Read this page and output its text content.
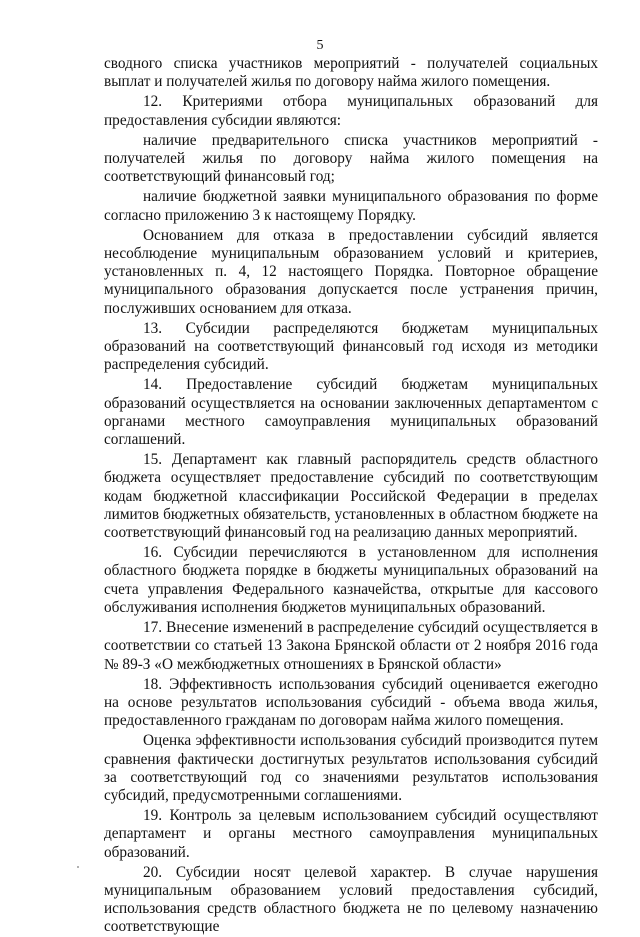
5

сводного списка участников мероприятий - получателей социальных выплат и получателей жилья по договору найма жилого помещения.

12. Критериями отбора муниципальных образований для предоставления субсидии являются:

наличие предварительного списка участников мероприятий - получателей жилья по договору найма жилого помещения на соответствующий финансовый год;

наличие бюджетной заявки муниципального образования по форме согласно приложению 3 к настоящему Порядку.

Основанием для отказа в предоставлении субсидий является несоблюдение муниципальным образованием условий и критериев, установленных п. 4, 12 настоящего Порядка. Повторное обращение муниципального образования допускается после устранения причин, послуживших основанием для отказа.

13. Субсидии распределяются бюджетам муниципальных образований на соответствующий финансовый год исходя из методики распределения субсидий.

14. Предоставление субсидий бюджетам муниципальных образований осуществляется на основании заключенных департаментом с органами местного самоуправления муниципальных образований соглашений.

15. Департамент как главный распорядитель средств областного бюджета осуществляет предоставление субсидий по соответствующим кодам бюджетной классификации Российской Федерации в пределах лимитов бюджетных обязательств, установленных в областном бюджете на соответствующий финансовый год на реализацию данных мероприятий.

16. Субсидии перечисляются в установленном для исполнения областного бюджета порядке в бюджеты муниципальных образований на счета управления Федерального казначейства, открытые для кассового обслуживания исполнения бюджетов муниципальных образований.

17. Внесение изменений в распределение субсидий осуществляется в соответствии со статьей 13 Закона Брянской области от 2 ноября 2016 года № 89-З «О межбюджетных отношениях в Брянской области»

18. Эффективность использования субсидий оценивается ежегодно на основе результатов использования субсидий - объема ввода жилья, предоставленного гражданам по договорам найма жилого помещения.

Оценка эффективности использования субсидий производится путем сравнения фактически достигнутых результатов использования субсидий за соответствующий год со значениями результатов использования субсидий, предусмотренными соглашениями.

19. Контроль за целевым использованием субсидий осуществляют департамент и органы местного самоуправления муниципальных образований.

20. Субсидии носят целевой характер. В случае нарушения муниципальным образованием условий предоставления субсидий, использования средств областного бюджета не по целевому назначению соответствующие
